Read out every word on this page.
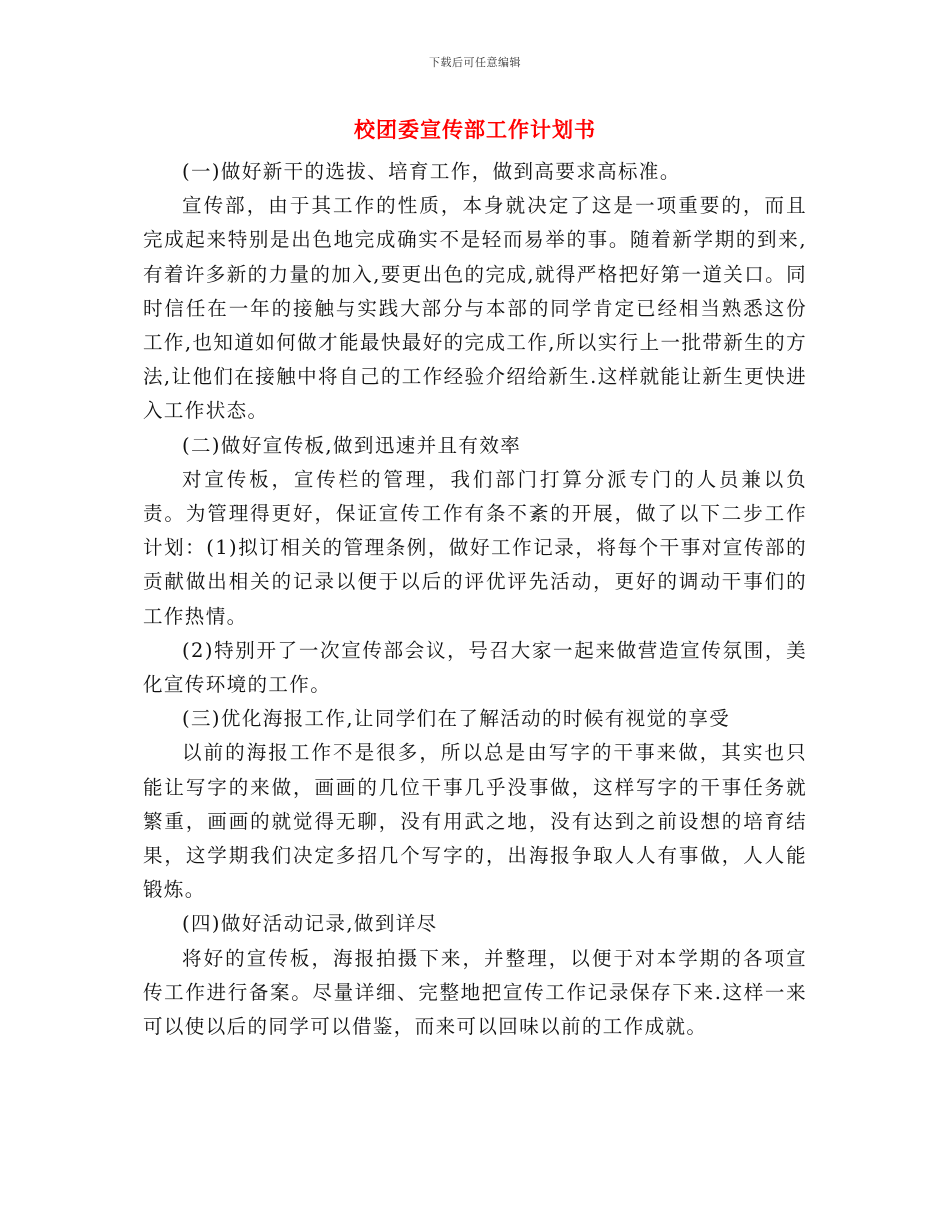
下载后可任意编辑
校团委宣传部工作计划书

(一)做好新干的选拔、培育工作，做到高要求高标准。

宣传部，由于其工作的性质，本身就决定了这是一项重要的，而且完成起来特别是出色地完成确实不是轻而易举的事。随着新学期的到来,有着许多新的力量的加入,要更出色的完成,就得严格把好第一道关口。同时信任在一年的接触与实践大部分与本部的同学肯定已经相当熟悉这份工作,也知道如何做才能最快最好的完成工作,所以实行上一批带新生的方法,让他们在接触中将自己的工作经验介绍给新生.这样就能让新生更快进入工作状态。

(二)做好宣传板,做到迅速并且有效率

对宣传板，宣传栏的管理，我们部门打算分派专门的人员兼以负责。为管理得更好，保证宣传工作有条不紊的开展，做了以下二步工作计划：(1)拟订相关的管理条例，做好工作记录，将每个干事对宣传部的贡献做出相关的记录以便于以后的评优评先活动，更好的调动干事们的工作热情。

(2)特别开了一次宣传部会议，号召大家一起来做营造宣传氛围，美化宣传环境的工作。

(三)优化海报工作,让同学们在了解活动的时候有视觉的享受

以前的海报工作不是很多，所以总是由写字的干事来做，其实也只能让写字的来做，画画的几位干事几乎没事做，这样写字的干事任务就繁重，画画的就觉得无聊，没有用武之地，没有达到之前设想的培育结果，这学期我们决定多招几个写字的，出海报争取人人有事做，人人能锻炼。

(四)做好活动记录,做到详尽

将好的宣传板，海报拍摄下来，并整理，以便于对本学期的各项宣传工作进行备案。尽量详细、完整地把宣传工作记录保存下来.这样一来可以使以后的同学可以借鉴，而来可以回味以前的工作成就。
